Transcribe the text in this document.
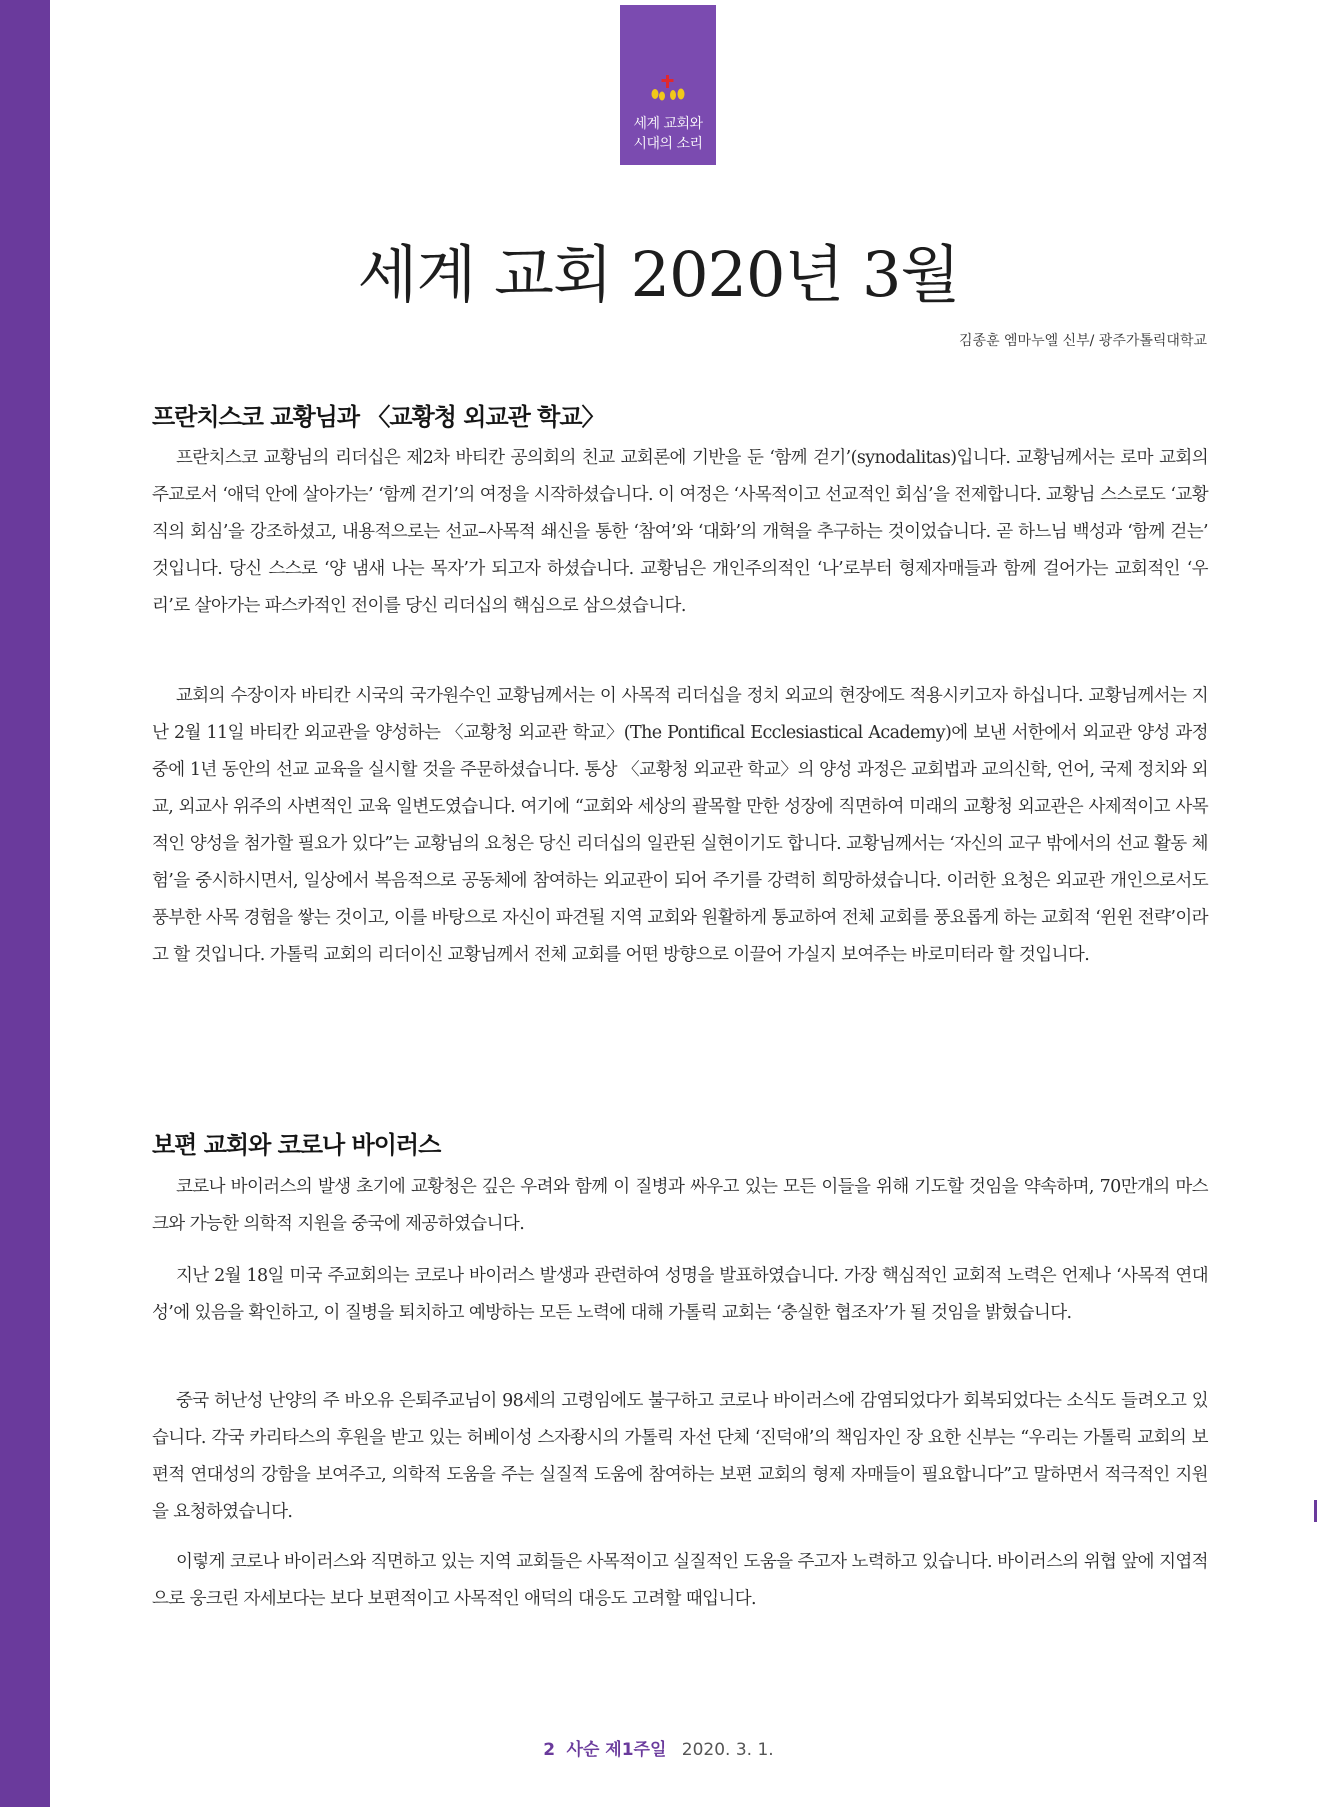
세계 교회와
시대의 소리
세계 교회 2020년 3월
김종훈 엠마누엘 신부/ 광주가톨릭대학교
프란치스코 교황님과 〈교황청 외교관 학교〉

프란치스코 교황님의 리더십은 제2차 바티칸 공의회의 친교 교회론에 기반을 둔 ‘함께 걷기’(synodalitas)입니다. 교황님께서는 로마 교회의 주교로서 ‘애덕 안에 살아가는’ ‘함께 걷기’의 여정을 시작하셨습니다. 이 여정은 ‘사목적이고 선교적인 회심’을 전제합니다. 교황님 스스로도 ‘교황직의 회심’을 강조하셨고, 내용적으로는 선교–사목적 쇄신을 통한 ‘참여’와 ‘대화’의 개혁을 추구하는 것이었습니다. 곧 하느님 백성과 ‘함께 걷는’ 것입니다. 당신 스스로 ‘양 냄새 나는 목자’가 되고자 하셨습니다. 교황님은 개인주의적인 ‘나’로부터 형제자매들과 함께 걸어가는 교회적인 ‘우리’로 살아가는 파스카적인 전이를 당신 리더십의 핵심으로 삼으셨습니다.

교회의 수장이자 바티칸 시국의 국가원수인 교황님께서는 이 사목적 리더십을 정치 외교의 현장에도 적용시키고자 하십니다. 교황님께서는 지난 2월 11일 바티칸 외교관을 양성하는 〈교황청 외교관 학교〉(The Pontifical Ecclesiastical Academy)에 보낸 서한에서 외교관 양성 과정 중에 1년 동안의 선교 교육을 실시할 것을 주문하셨습니다. 통상 〈교황청 외교관 학교〉의 양성 과정은 교회법과 교의신학, 언어, 국제 정치와 외교, 외교사 위주의 사변적인 교육 일변도였습니다. 여기에 “교회와 세상의 괄목할 만한 성장에 직면하여 미래의 교황청 외교관은 사제적이고 사목적인 양성을 첨가할 필요가 있다”는 교황님의 요청은 당신 리더십의 일관된 실현이기도 합니다. 교황님께서는 ‘자신의 교구 밖에서의 선교 활동 체험’을 중시하시면서, 일상에서 복음적으로 공동체에 참여하는 외교관이 되어 주기를 강력히 희망하셨습니다. 이러한 요청은 외교관 개인으로서도 풍부한 사목 경험을 쌓는 것이고, 이를 바탕으로 자신이 파견될 지역 교회와 원활하게 통교하여 전체 교회를 풍요롭게 하는 교회적 ‘윈윈 전략’이라고 할 것입니다. 가톨릭 교회의 리더이신 교황님께서 전체 교회를 어떤 방향으로 이끌어 가실지 보여주는 바로미터라 할 것입니다.

보편 교회와 코로나 바이러스

코로나 바이러스의 발생 초기에 교황청은 깊은 우려와 함께 이 질병과 싸우고 있는 모든 이들을 위해 기도할 것임을 약속하며, 70만개의 마스크와 가능한 의학적 지원을 중국에 제공하였습니다.

지난 2월 18일 미국 주교회의는 코로나 바이러스 발생과 관련하여 성명을 발표하였습니다. 가장 핵심적인 교회적 노력은 언제나 ‘사목적 연대성’에 있음을 확인하고, 이 질병을 퇴치하고 예방하는 모든 노력에 대해 가톨릭 교회는 ‘충실한 협조자’가 될 것임을 밝혔습니다.

중국 허난성 난양의 주 바오유 은퇴주교님이 98세의 고령임에도 불구하고 코로나 바이러스에 감염되었다가 회복되었다는 소식도 들려오고 있습니다. 각국 카리타스의 후원을 받고 있는 허베이성 스자좡시의 가톨릭 자선 단체 ‘진덕애’의 책임자인 장 요한 신부는 “우리는 가톨릭 교회의 보편적 연대성의 강함을 보여주고, 의학적 도움을 주는 실질적 도움에 참여하는 보편 교회의 형제 자매들이 필요합니다”고 말하면서 적극적인 지원을 요청하였습니다.

이렇게 코로나 바이러스와 직면하고 있는 지역 교회들은 사목적이고 실질적인 도움을 주고자 노력하고 있습니다. 바이러스의 위협 앞에 지엽적으로 웅크린 자세보다는 보다 보편적이고 사목적인 애덕의 대응도 고려할 때입니다.

2 사순 제1주일 2020. 3. 1.
